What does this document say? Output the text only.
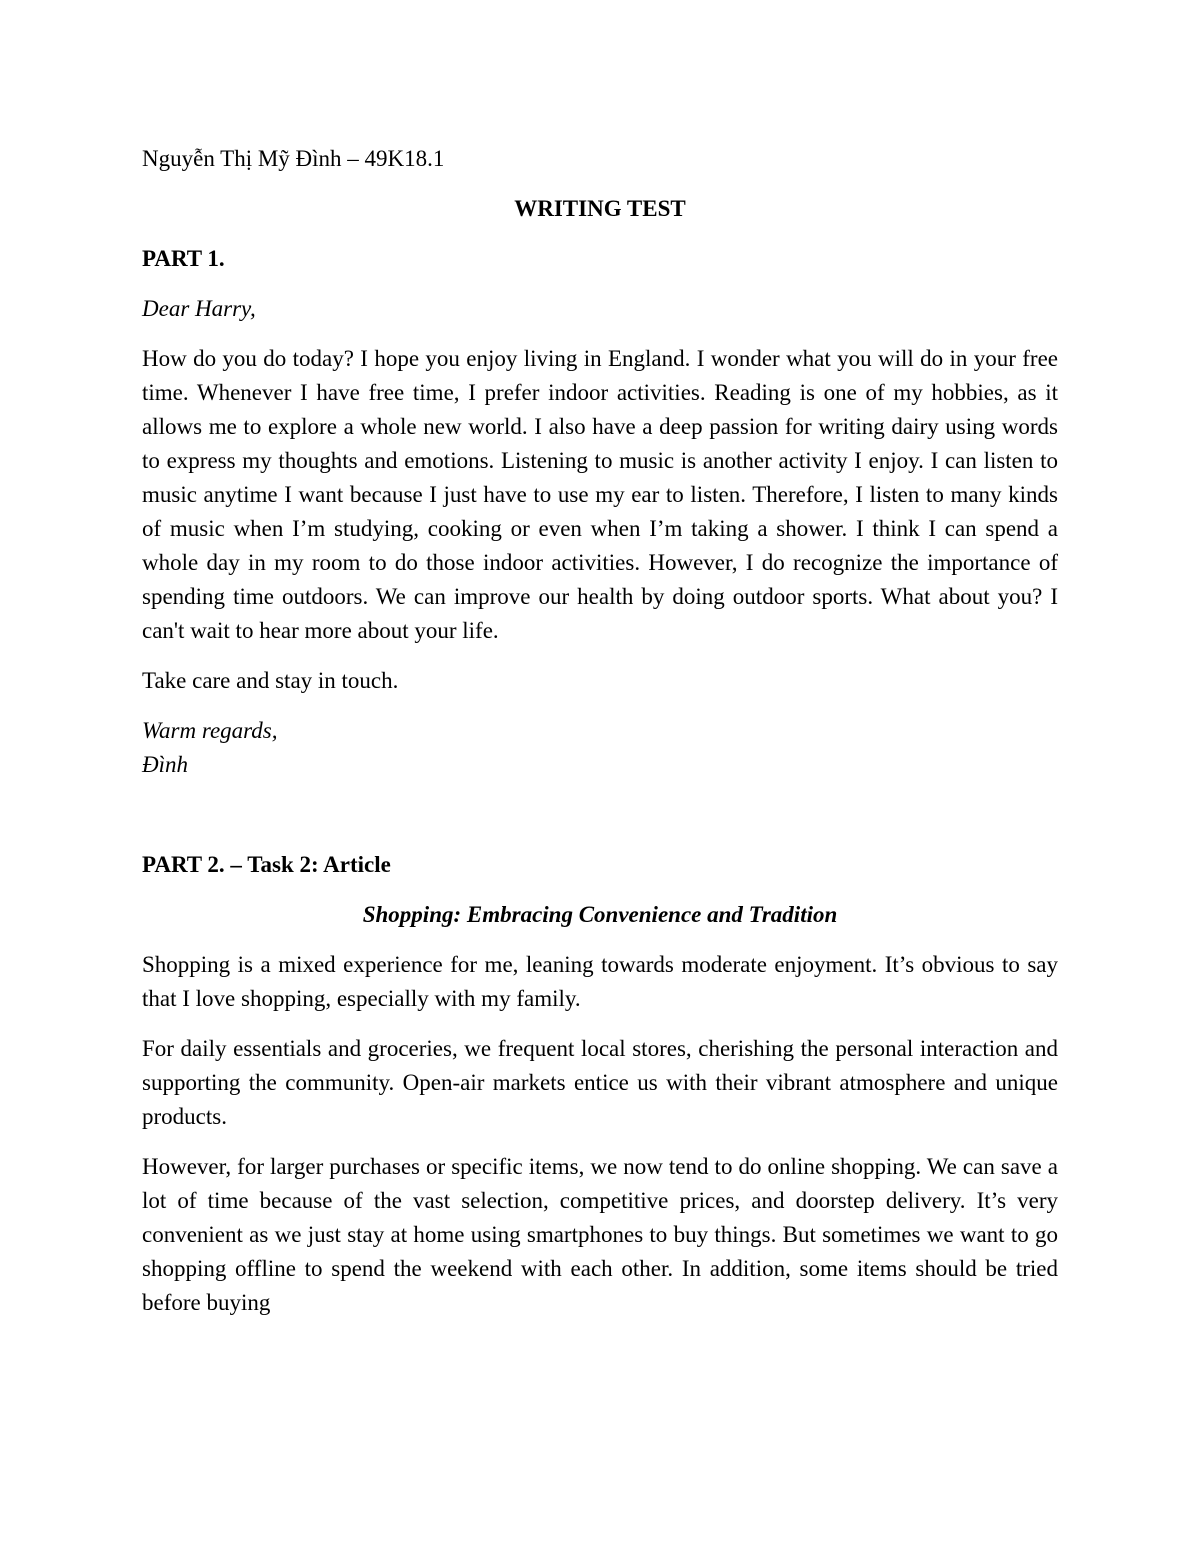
Nguyễn Thị Mỹ Đình – 49K18.1

WRITING TEST

PART 1.

Dear Harry,

How do you do today? I hope you enjoy living in England. I wonder what you will do in your free time. Whenever I have free time, I prefer indoor activities. Reading is one of my hobbies, as it allows me to explore a whole new world. I also have a deep passion for writing dairy using words to express my thoughts and emotions. Listening to music is another activity I enjoy. I can listen to music anytime I want because I just have to use my ear to listen. Therefore, I listen to many kinds of music when I’m studying, cooking or even when I’m taking a shower. I think I can spend a whole day in my room to do those indoor activities. However, I do recognize the importance of spending time outdoors. We can improve our health by doing outdoor sports. What about you? I can't wait to hear more about your life.

Take care and stay in touch.

Warm regards,

Đình

PART 2. – Task 2: Article

Shopping: Embracing Convenience and Tradition

Shopping is a mixed experience for me, leaning towards moderate enjoyment. It’s obvious to say that I love shopping, especially with my family.

For daily essentials and groceries, we frequent local stores, cherishing the personal interaction and supporting the community. Open-air markets entice us with their vibrant atmosphere and unique products.

However, for larger purchases or specific items, we now tend to do online shopping. We can save a lot of time because of the vast selection, competitive prices, and doorstep delivery. It’s very convenient as we just stay at home using smartphones to buy things. But sometimes we want to go shopping offline to spend the weekend with each other. In addition, some items should be tried before buying
